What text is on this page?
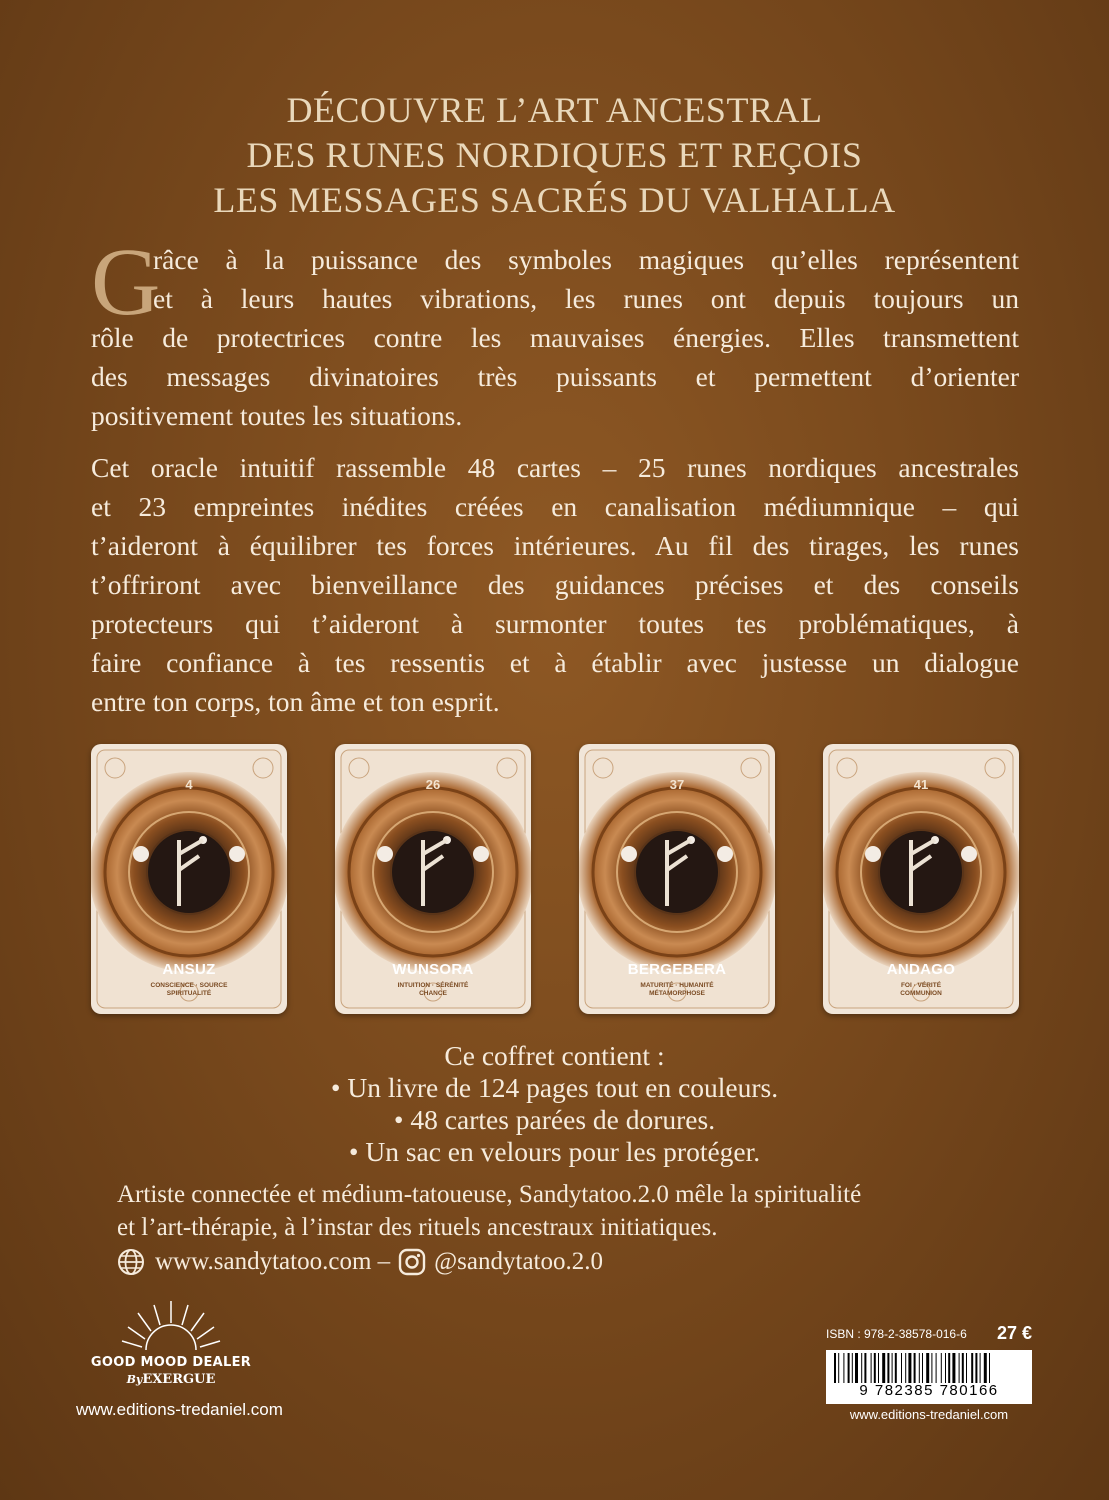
DÉCOUVRE L’ART ANCESTRAL
DES RUNES NORDIQUES ET REÇOIS
LES MESSAGES SACRÉS DU VALHALLA
G
râce à la puissance des symboles magiques qu’elles représentent
et à leurs hautes vibrations, les runes ont depuis toujours un
rôle de protectrices contre les mauvaises énergies. Elles transmettent
des messages divinatoires très puissants et permettent d’orienter
positivement toutes les situations.
Cet oracle intuitif rassemble 48 cartes – 25 runes nordiques ancestrales
et 23 empreintes inédites créées en canalisation médiumnique – qui
t’aideront à équilibrer tes forces intérieures. Au fil des tirages, les runes
t’offriront avec bienveillance des guidances précises et des conseils
protecteurs qui t’aideront à surmonter toutes tes problématiques, à
faire confiance à tes ressentis et à établir avec justesse un dialogue
entre ton corps, ton âme et ton esprit.
4
ANSUZ
CONSCIENCE · SOURCE
SPIRITUALITÉ
26
WUNSORA
INTUITION · SÉRÉNITÉ
CHANCE
37
BERGEBERA
MATURITÉ · HUMANITÉ
MÉTAMORPHOSE
41
ANDAGO
FOI · VÉRITÉ
COMMUNION
Ce coffret contient :
• Un livre de 124 pages tout en couleurs.
• 48 cartes parées de dorures.
• Un sac en velours pour les protéger.
Artiste connectée et médium-tatoueuse, Sandytatoo.2.0 mêle la spiritualité
et l’art-thérapie, à l’instar des rituels ancestraux initiatiques.
www.sandytatoo.com – @sandytatoo.2.0
GOOD MOOD DEALER
ByEXERGUE
www.editions-tredaniel.com
ISBN : 978-2-38578-016-6 27 €
9 782385 780166
www.editions-tredaniel.com
